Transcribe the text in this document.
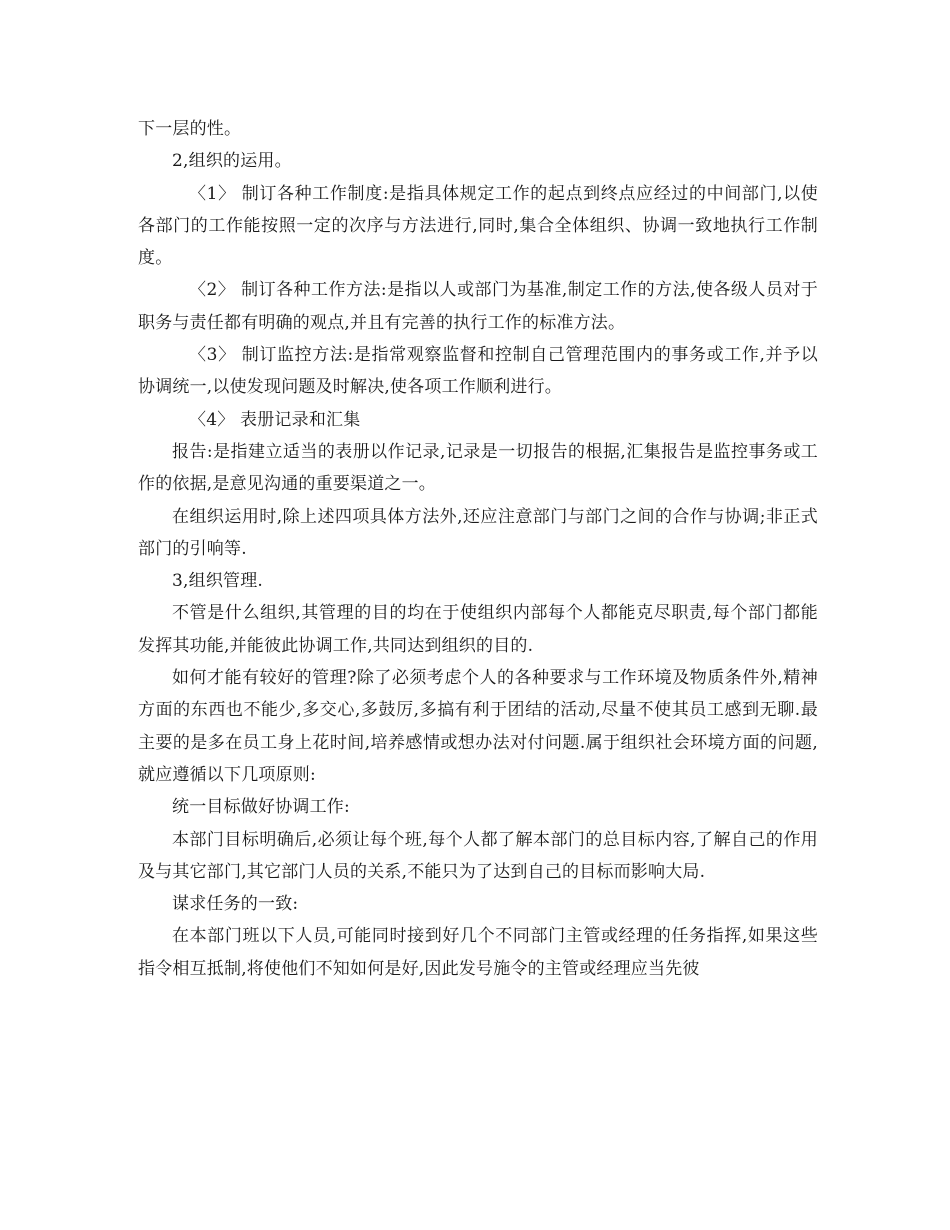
下一层的性。

2,组织的运用。

〈1〉 制订各种工作制度:是指具体规定工作的起点到终点应经过的中间部门,以使各部门的工作能按照一定的次序与方法进行,同时,集合全体组织、协调一致地执行工作制度。

〈2〉 制订各种工作方法:是指以人或部门为基准,制定工作的方法,使各级人员对于职务与责任都有明确的观点,并且有完善的执行工作的标准方法。

〈3〉 制订监控方法:是指常观察监督和控制自己管理范围内的事务或工作,并予以协调统一,以使发现问题及时解决,使各项工作顺利进行。

〈4〉 表册记录和汇集

报告:是指建立适当的表册以作记录,记录是一切报告的根据,汇集报告是监控事务或工作的依据,是意见沟通的重要渠道之一。

在组织运用时,除上述四项具体方法外,还应注意部门与部门之间的合作与协调;非正式部门的引响等.

3,组织管理.

不管是什么组织,其管理的目的均在于使组织内部每个人都能克尽职责,每个部门都能发挥其功能,并能彼此协调工作,共同达到组织的目的.

如何才能有较好的管理?除了必须考虑个人的各种要求与工作环境及物质条件外,精神方面的东西也不能少,多交心,多鼓厉,多搞有利于团结的活动,尽量不使其员工感到无聊.最主要的是多在员工身上花时间,培养感情或想办法对付问题.属于组织社会环境方面的问题,就应遵循以下几项原则:

统一目标做好协调工作:

本部门目标明确后,必须让每个班,每个人都了解本部门的总目标内容,了解自己的作用及与其它部门,其它部门人员的关系,不能只为了达到自己的目标而影响大局.

谋求任务的一致:

在本部门班以下人员,可能同时接到好几个不同部门主管或经理的任务指挥,如果这些指令相互抵制,将使他们不知如何是好,因此发号施令的主管或经理应当先彼
